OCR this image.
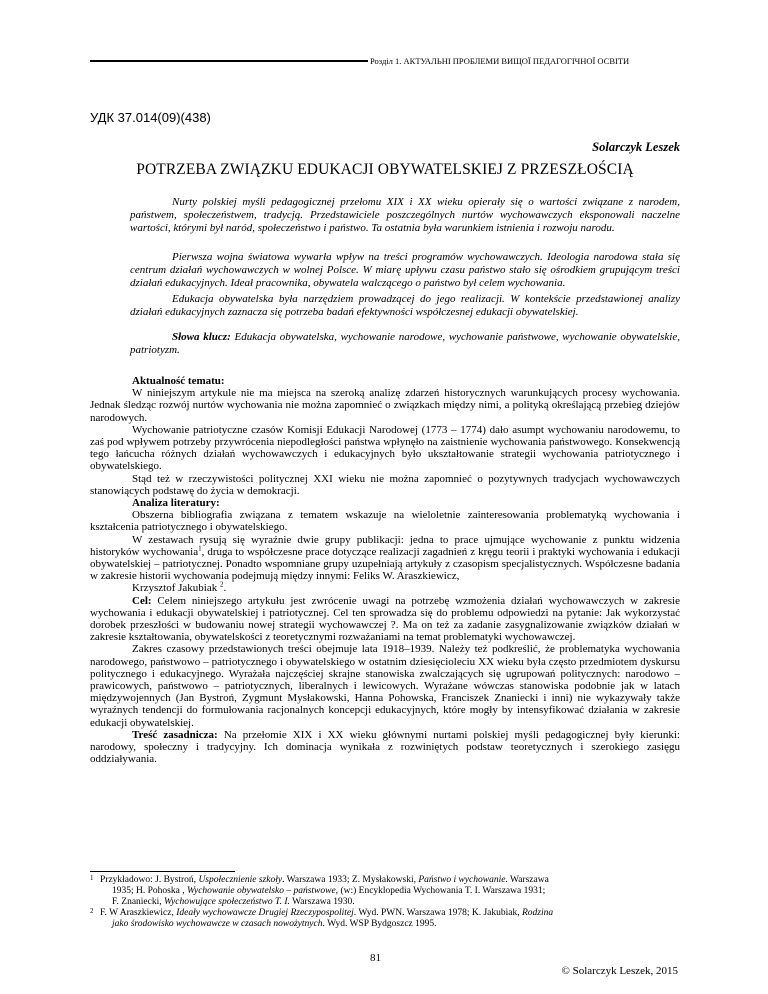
Розділ 1. АКТУАЛЬНІ ПРОБЛЕМИ ВИЩОЇ ПЕДАГОГІЧНОЇ ОСВІТИ
УДК 37.014(09)(438)
Solarczyk Leszek
POTRZEBA ZWIĄZKU EDUKACJI OBYWATELSKIEJ Z PRZESZŁOŚCIĄ

Nurty polskiej myśli pedagogicznej przełomu XIX i XX wieku opierały się o wartości związane z narodem, państwem, społeczeństwem, tradycją. Przedstawiciele poszczególnych nurtów wychowawczych eksponowali naczelne wartości, którymi był naród, społeczeństwo i państwo. Ta ostatnia była warunkiem istnienia i rozwoju narodu.

Pierwsza wojna światowa wywarła wpływ na treści programów wychowawczych. Ideologia narodowa stała się centrum działań wychowawczych w wolnej Polsce. W miarę upływu czasu państwo stało się ośrodkiem grupującym treści działań edukacyjnych. Ideał pracownika, obywatela walczącego o państwo był celem wychowania.

Edukacja obywatelska była narzędziem prowadzącej do jego realizacji. W kontekście przedstawionej analizy działań edukacyjnych zaznacza się potrzeba badań efektywności współczesnej edukacji obywatelskiej.

Słowa klucz: Edukacja obywatelska, wychowanie narodowe, wychowanie państwowe, wychowanie obywatelskie, patriotyzm.

Aktualność tematu:

W niniejszym artykule nie ma miejsca na szeroką analizę zdarzeń historycznych warunkujących procesy wychowania. Jednak śledząc rozwój nurtów wychowania nie można zapomnieć o związkach między nimi, a polityką określającą przebieg dziejów narodowych.

Wychowanie patriotyczne czasów Komisji Edukacji Narodowej (1773 – 1774) dało asumpt wychowaniu narodowemu, to zaś pod wpływem potrzeby przywrócenia niepodległości państwa wpłynęło na zaistnienie wychowania państwowego. Konsekwencją tego łańcucha różnych działań wychowawczych i edukacyjnych było ukształtowanie strategii wychowania patriotycznego i obywatelskiego.

Stąd też w rzeczywistości politycznej XXI wieku nie można zapomnieć o pozytywnych tradycjach wychowawczych stanowiących podstawę do życia w demokracji.

Analiza literatury:

Obszerna bibliografia związana z tematem wskazuje na wieloletnie zainteresowania problematyką wychowania i kształcenia patriotycznego i obywatelskiego.

W zestawach rysują się wyraźnie dwie grupy publikacji: jedna to prace ujmujące wychowanie z punktu widzenia historyków wychowania$^1$, druga to współczesne prace dotyczące realizacji zagadnień z kręgu teorii i praktyki wychowania i edukacji obywatelskiej – patriotycznej. Ponadto wspomniane grupy uzupełniają artykuły z czasopism specjalistycznych. Współczesne badania w zakresie historii wychowania podejmują między innymi: Feliks W. Araszkiewicz,

Krzysztof Jakubiak $^2$.

Cel: Celem niniejszego artykułu jest zwrócenie uwagi na potrzebę wzmożenia działań wychowawczych w zakresie wychowania i edukacji obywatelskiej i patriotycznej. Cel ten sprowadza się do problemu odpowiedzi na pytanie: Jak wykorzystać dorobek przeszłości w budowaniu nowej strategii wychowawczej ?. Ma on też za zadanie zasygnalizowanie związków działań w zakresie kształtowania, obywatelskości z teoretycznymi rozważaniami na temat problematyki wychowawczej.

Zakres czasowy przedstawionych treści obejmuje lata 1918–1939. Należy też podkreślić, że problematyka wychowania narodowego, państwowo – patriotycznego i obywatelskiego w ostatnim dziesięcioleciu XX wieku była często przedmiotem dyskursu politycznego i edukacyjnego. Wyrażała najczęściej skrajne stanowiska zwalczających się ugrupowań politycznych: narodowo – prawicowych, państwowo – patriotycznych, liberalnych i lewicowych. Wyrażane wówczas stanowiska podobnie jak w latach międzywojennych (Jan Bystroń, Zygmunt Mysłakowski, Hanna Pohowska, Franciszek Znaniecki i inni) nie wykazywały także wyraźnych tendencji do formułowania racjonalnych koncepcji edukacyjnych, które mogły by intensyfikować działania w zakresie edukacji obywatelskiej.

Treść zasadnicza: Na przełomie XIX i XX wieku głównymi nurtami polskiej myśli pedagogicznej były kierunki: narodowy, społeczny i tradycyjny. Ich dominacja wynikała z rozwiniętych podstaw teoretycznych i szerokiego zasięgu oddziaływania.

1 Przykładowo: J. Bystroń, Uspołecznienie szkoły. Warszawa 1933; Z. Mysłakowski, Państwo i wychowanie. Warszawa
1935; H. Pohoska , Wychowanie obywatelsko – państwowe, (w:) Encyklopedia Wychowania T. I. Warszawa 1931;
F. Znaniecki, Wychowujące społeczeństwo T. I. Warszawa 1930.
2 F. W Araszkiewicz, Ideały wychowawcze Drugiej Rzeczypospolitej. Wyd. PWN. Warszawa 1978; K. Jakubiak, Rodzina
jako środowisko wychowawcze w czasach nowożytnych. Wyd. WSP Bydgoszcz 1995.
81
© Solarczyk Leszek, 2015
